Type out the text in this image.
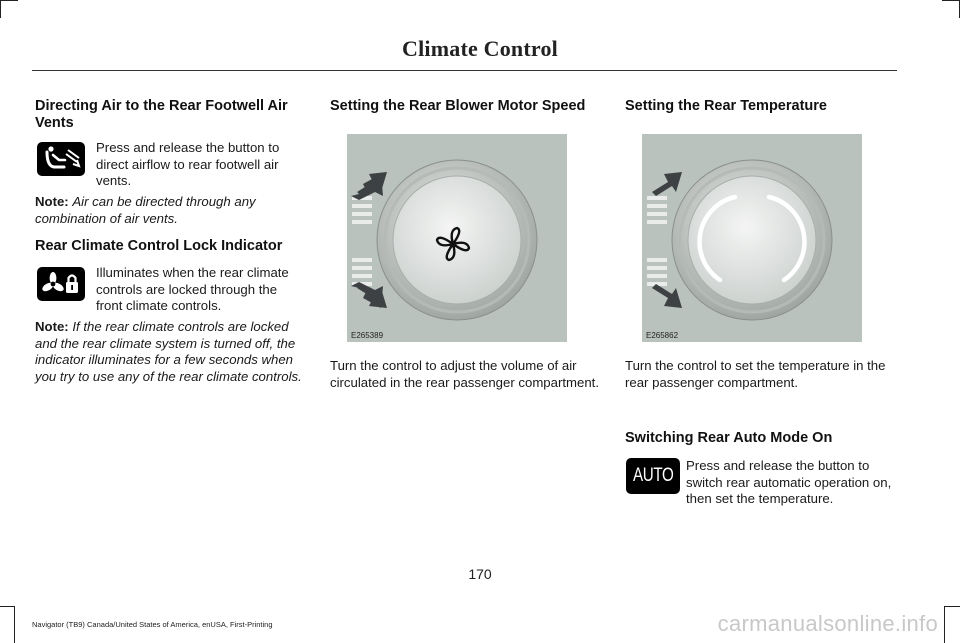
Climate Control
Directing Air to the Rear Footwell Air Vents

Press and release the button to direct airflow to rear footwell air vents.

Note: Air can be directed through any combination of air vents.

Rear Climate Control Lock Indicator

Illuminates when the rear climate controls are locked through the front climate controls.

Note: If the rear climate controls are locked and the rear climate system is turned off, the indicator illuminates for a few seconds when you try to use any of the rear climate controls.

Setting the Rear Blower Motor Speed
E265389

Turn the control to adjust the volume of air circulated in the rear passenger compartment.

Setting the Rear Temperature
E265862

Turn the control to set the temperature in the rear passenger compartment.

Switching Rear Auto Mode On
AUTO Press and release the button to switch rear automatic operation on, then set the temperature.

170
Navigator (TB9) Canada/United States of America, enUSA, First-Printing	carmanualsonline.info
